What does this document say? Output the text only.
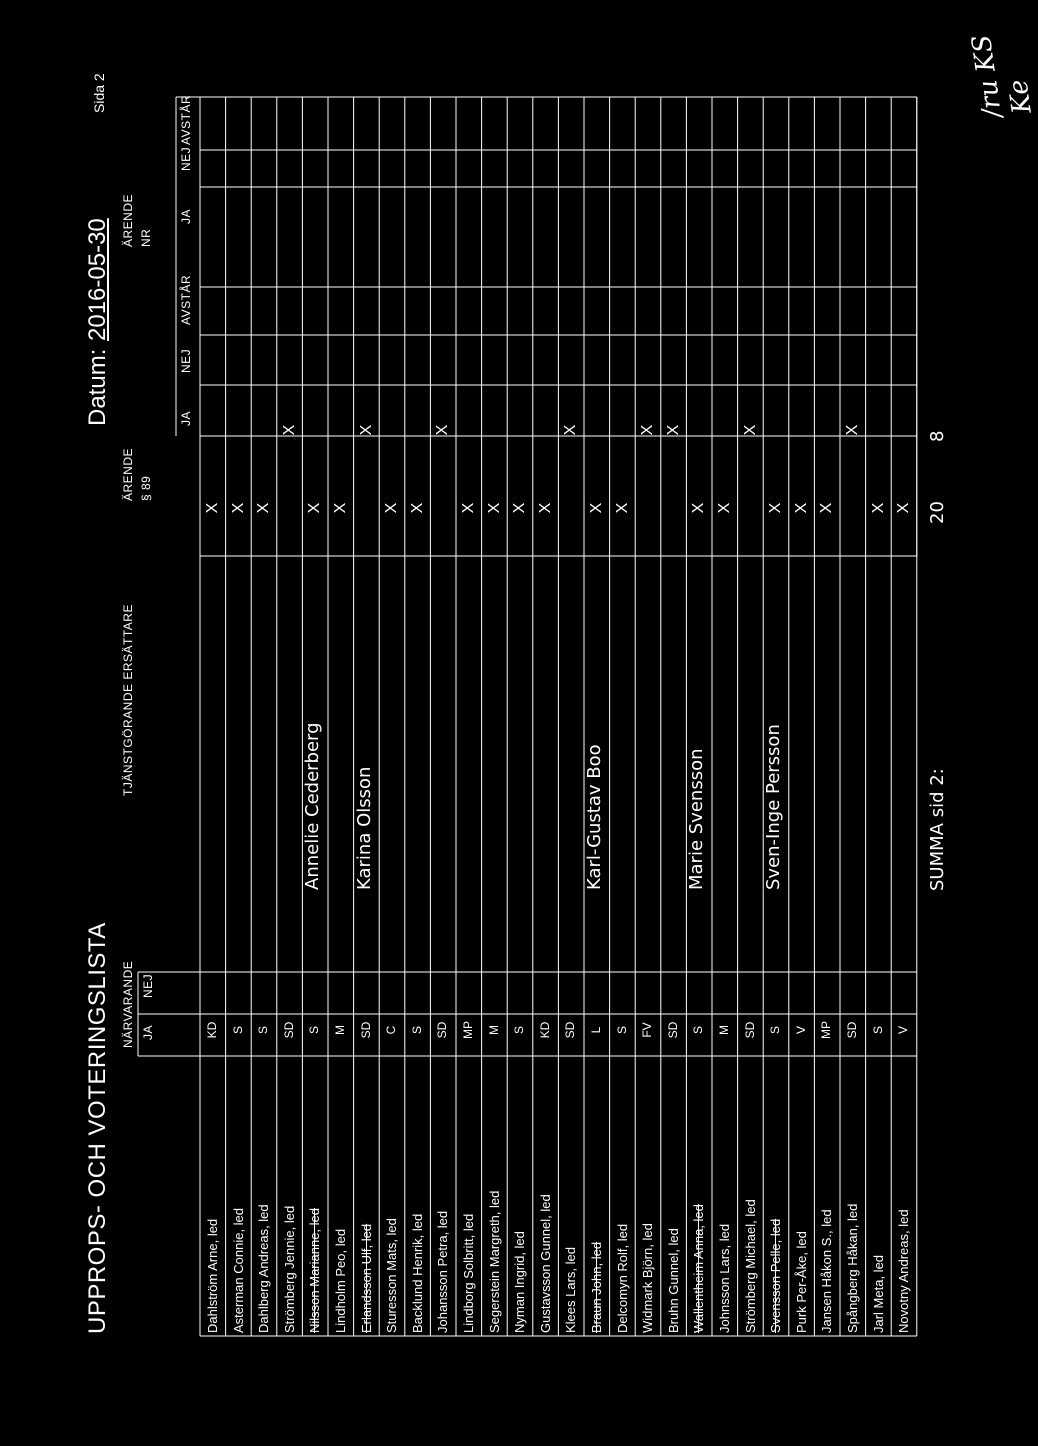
UPPROPS- OCH VOTERINGSLISTA
Datum:
2016-05-30
Sida 2
NÄRVARANDE JA
NEJ
TJÄNSTGÖRANDE ERSÄTTARE
ÄRENDE § 89
JA
NEJ
AVSTÅR
ÄRENDE NR
JA
NEJ
AVSTÅR
Dahlström Arne, led
KD
X
Asterman Connie, led
S
X
Dahlberg Andreas, led
S
X
Strömberg Jennie, led
SD
X
Nilsson Marianne, led
S
Annelie Cederberg
X
Lindholm Peo, led
M
X
Erlandsson Ulf, led
SD
Karina Olsson
X
Sturesson Mats, led
C
X
Backlund Henrik, led
S
X
Johansson Petra, led
SD
X
Lindborg Solbritt, led
MP
X
Segerstein Margreth, led
M
X
Nyman Ingrid, led
S
X
Gustavsson Gunnel, led
KD
X
Klees Lars, led
SD
X
Braun John, led
L
Karl-Gustav Boo
X
Delcomyn Rolf, led
S
X
Widmark Björn, led
FV
X
Bruhn Gunnel, led
SD
X
Wallentheim Anna, led
S
Marie Svensson
X
Johnsson Lars, led
M
X
Strömberg Michael, led
SD
X
Svensson Pelle, led
S
Sven-Inge Persson
X
Purk Per-Åke, led
V
X
Jansen Håkon S., led
MP
X
Spångberg Håkan, led
SD
X
Jarl Meta, led
S
X
Novotny Andreas, led
V
X
SUMMA sid 2:
20
8
/ru KS Ke
